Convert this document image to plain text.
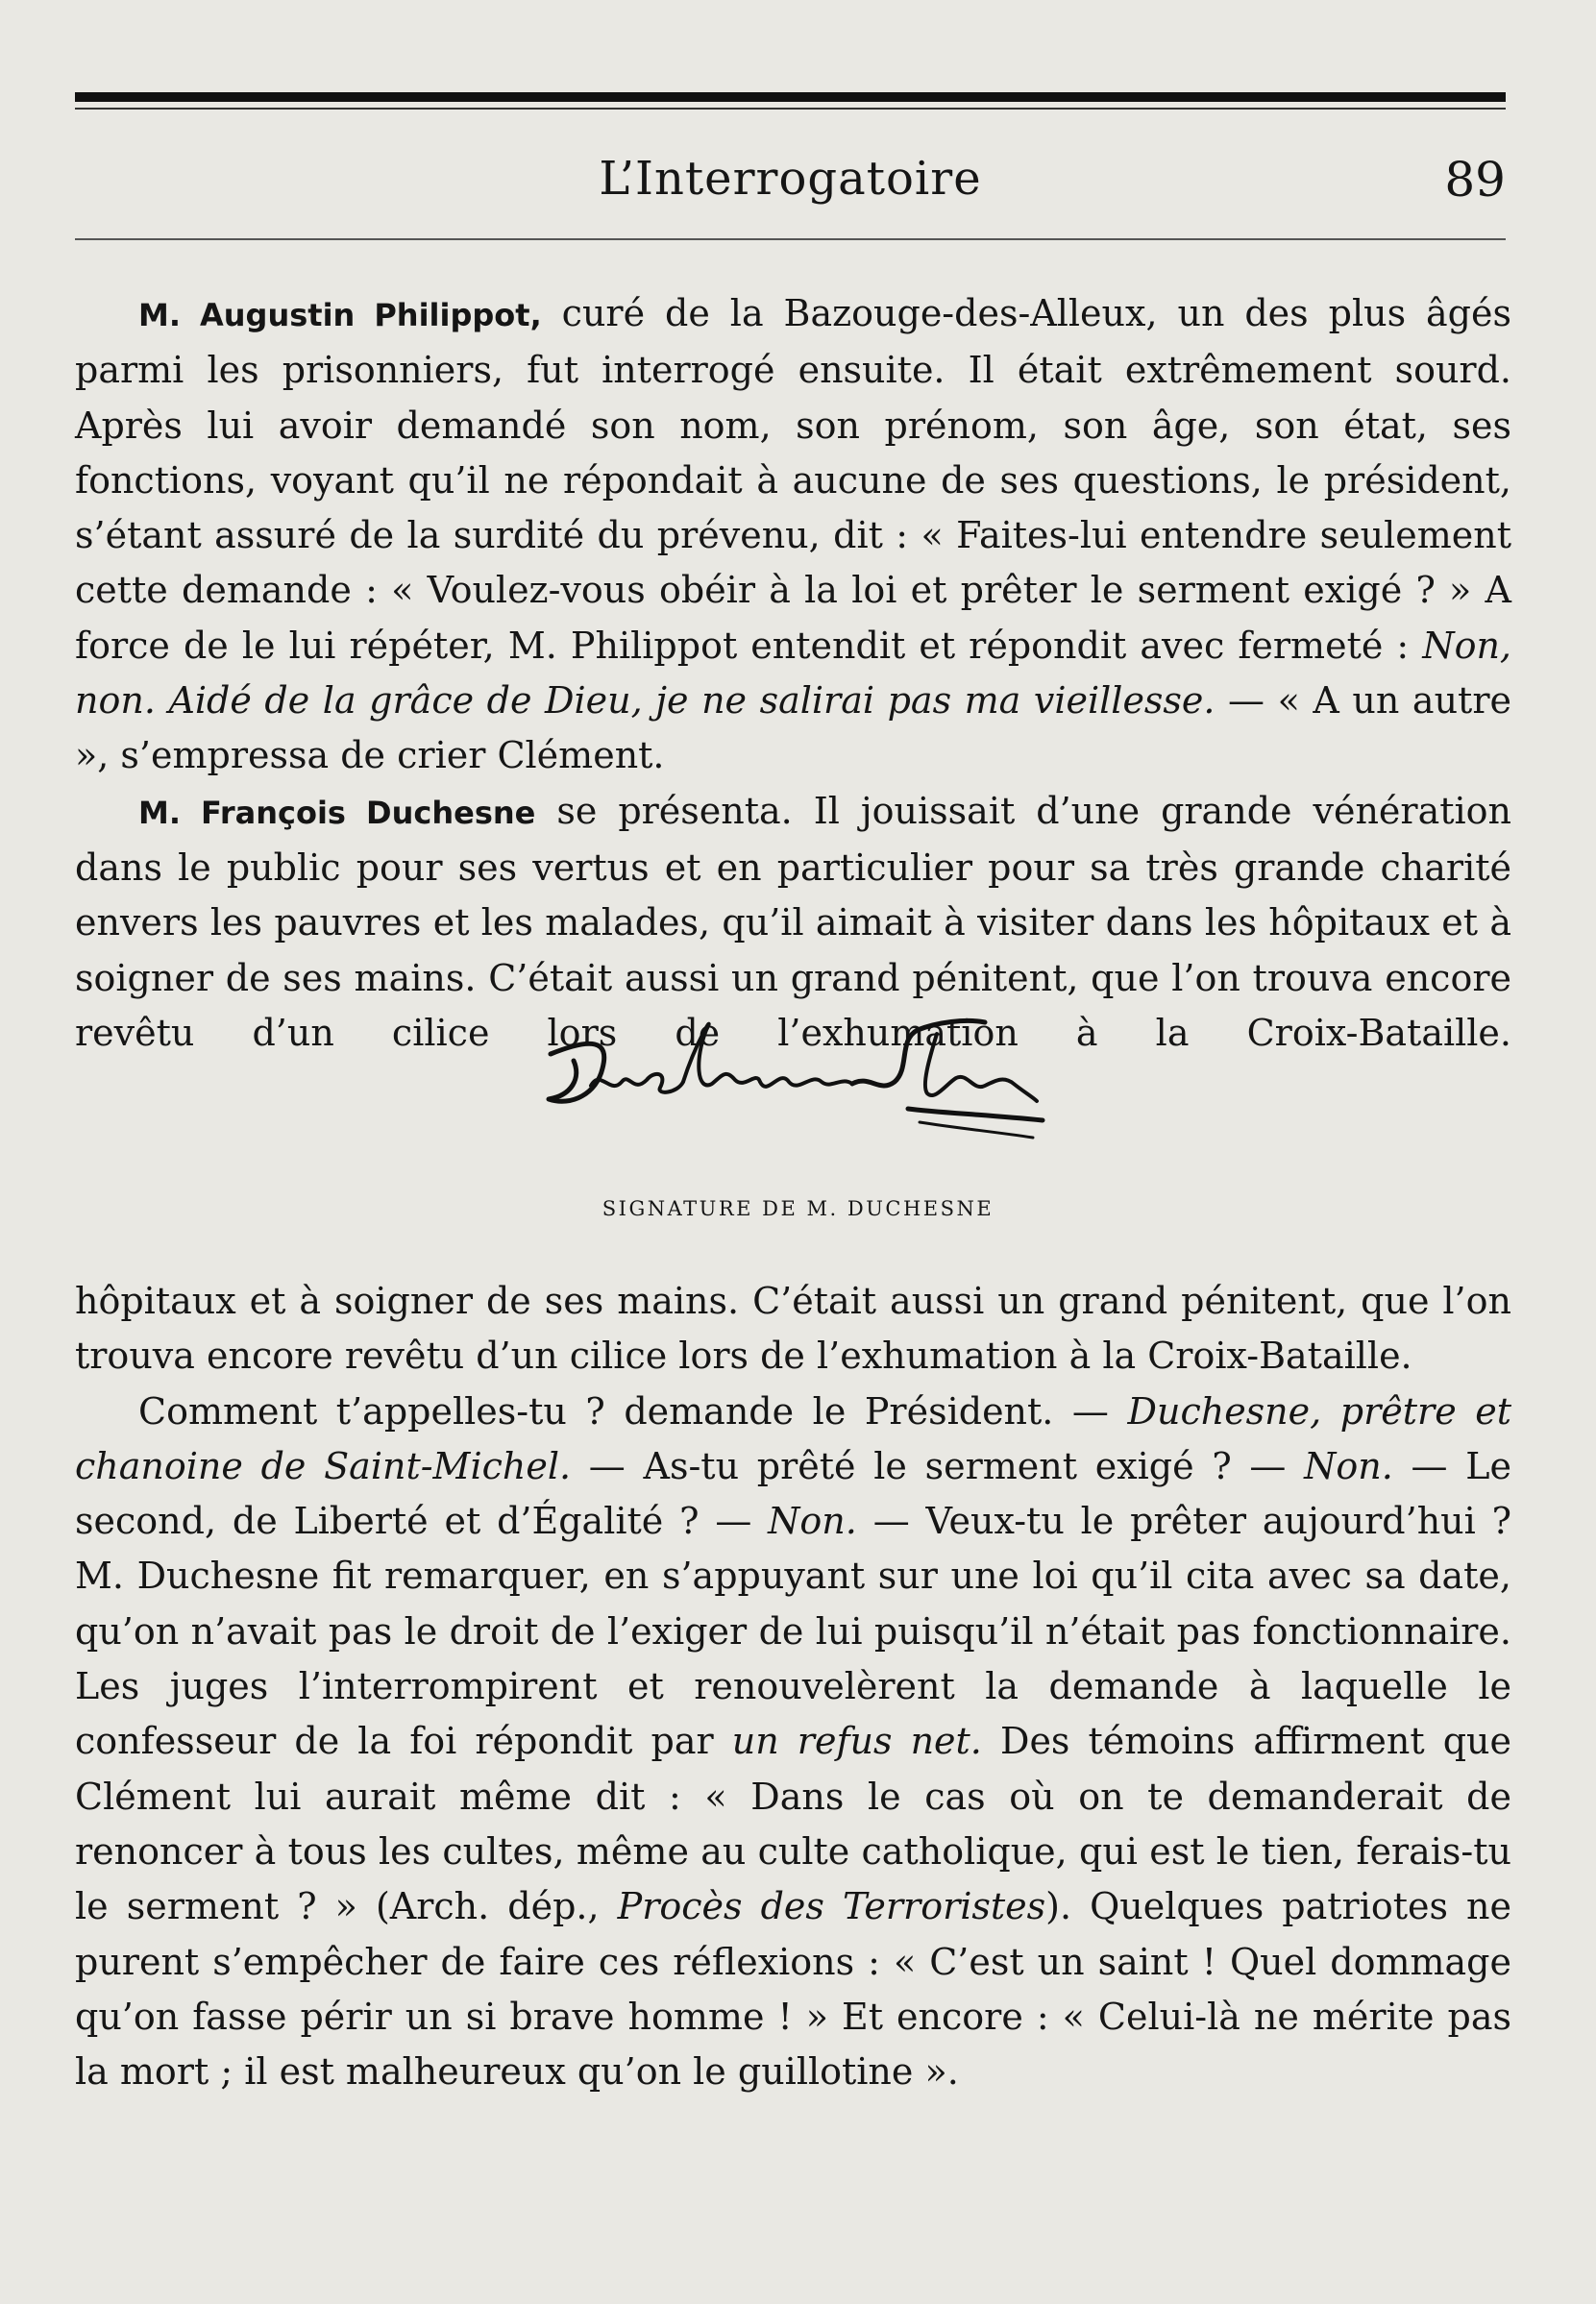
L’Interrogatoire	89

M. Augustin Philippot, curé de la Bazouge-des-Alleux, un des plus âgés parmi les prisonniers, fut interrogé ensuite. Il était extrêmement sourd. Après lui avoir demandé son nom, son prénom, son âge, son état, ses fonctions, voyant qu’il ne répondait à aucune de ses questions, le président, s’étant assuré de la surdité du prévenu, dit : « Faites-lui entendre seulement cette demande : « Voulez-vous obéir à la loi et prêter le serment exigé ? » A force de le lui répéter, M. Philippot entendit et répondit avec fermeté : Non, non. Aidé de la grâce de Dieu, je ne salirai pas ma vieillesse. — « A un autre », s’empressa de crier Clément.

M. François Duchesne se présenta. Il jouissait d’une grande vénération dans le public pour ses vertus et en particulier pour sa très grande charité envers les pauvres et les malades, qu’il aimait à visiter dans les hôpitaux et à soigner de ses mains. C’était aussi un grand pénitent, que l’on trouva encore revêtu d’un cilice lors de l’exhumation à la Croix-Bataille.

SIGNATURE DE M. DUCHESNE

hôpitaux et à soigner de ses mains. C’était aussi un grand pénitent, que l’on trouva encore revêtu d’un cilice lors de l’exhumation à la Croix-Bataille.

Comment t’appelles-tu ? demande le Président. — Duchesne, prêtre et chanoine de Saint-Michel. — As-tu prêté le serment exigé ? — Non. — Le second, de Liberté et d’Égalité ? — Non. — Veux-tu le prêter aujourd’hui ? M. Duchesne fit remarquer, en s’appuyant sur une loi qu’il cita avec sa date, qu’on n’avait pas le droit de l’exiger de lui puisqu’il n’était pas fonctionnaire. Les juges l’interrompirent et renouvelèrent la demande à laquelle le confesseur de la foi répondit par un refus net. Des témoins affirment que Clément lui aurait même dit : « Dans le cas où on te demanderait de renoncer à tous les cultes, même au culte catholique, qui est le tien, ferais-tu le serment ? » (Arch. dép., Procès des Terroristes). Quelques patriotes ne purent s’empêcher de faire ces réflexions : « C’est un saint ! Quel dommage qu’on fasse périr un si brave homme ! » Et encore : « Celui-là ne mérite pas la mort ; il est malheureux qu’on le guillotine ».
